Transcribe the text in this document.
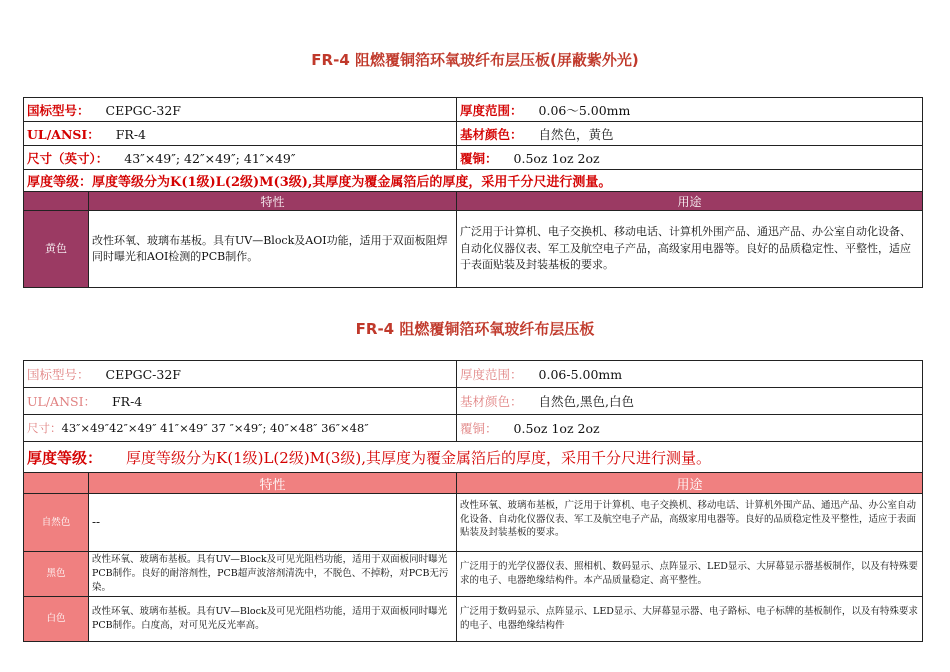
FR-4 阻燃覆铜箔环氧玻纤布层压板(屏蔽紫外光)
国标型号： CEPGC-32F		厚度范围： 0.06～5.00mm
UL/ANSI： FR-4		基材颜色： 自然色，黄色
尺寸（英寸）： 43″×49″; 42″×49″; 41″×49″		覆铜： 0.5oz 1oz 2oz
厚度等级：厚度等级分为K(1级)L(2级)M(3级),其厚度为覆金属箔后的厚度，采用千分尺进行测量。		
	特性	用途
黄色	改性环氧、玻璃布基板。具有UV—Block及AOI功能，适用于双面板阻焊同时曝光和AOI检测的PCB制作。	广泛用于计算机、电子交换机、移动电话、计算机外围产品、通迅产品、办公室自动化设备、自动化仪器仪表、军工及航空电子产品，高级家用电器等。良好的品质稳定性、平整性，适应于表面贴装及封装基板的要求。
FR-4 阻燃覆铜箔环氧玻纤布层压板
国标型号： CEPGC-32F		厚度范围： 0.06-5.00mm
UL/ANSI： FR-4		基材颜色： 自然色,黑色,白色
尺寸：43″×49″42″×49″ 41″×49″ 37 ″×49″; 40″×48″ 36″×48″		覆铜： 0.5oz 1oz 2oz
厚度等级： 厚度等级分为K(1级)L(2级)M(3级),其厚度为覆金属箔后的厚度，采用千分尺进行测量。		
	特性	用途
自然色	--	改性环氧、玻璃布基板，广泛用于计算机、电子交换机、移动电话、计算机外围产品、通迅产品、办公室自动化设备、自动化仪器仪表、军工及航空电子产品，高级家用电器等。良好的品质稳定性及平整性，适应于表面贴装及封装基板的要求。

黑色	改性环氧、玻璃布基板。具有UV—Block及可见光阻档功能，适用于双面板同时曝光PCB制作。良好的耐溶剂性，PCB超声波溶剂清洗中，不脱色、不掉粉，对PCB无污染。	广泛用于的光学仪器仪表、照相机、数码显示、点阵显示、LED显示、大屏幕显示器基板制作，以及有特殊要求的电子、电器绝缘结构件。本产品质量稳定、高平整性。
白色	改性环氧、玻璃布基板。具有UV—Block及可见光阻档功能，适用于双面板同时曝光PCB制作。白度高，对可见光反光率高。	广泛用于数码显示、点阵显示、LED显示、大屏幕显示器、电子路标、电子标牌的基板制作，以及有特殊要求的电子、电器绝缘结构件
